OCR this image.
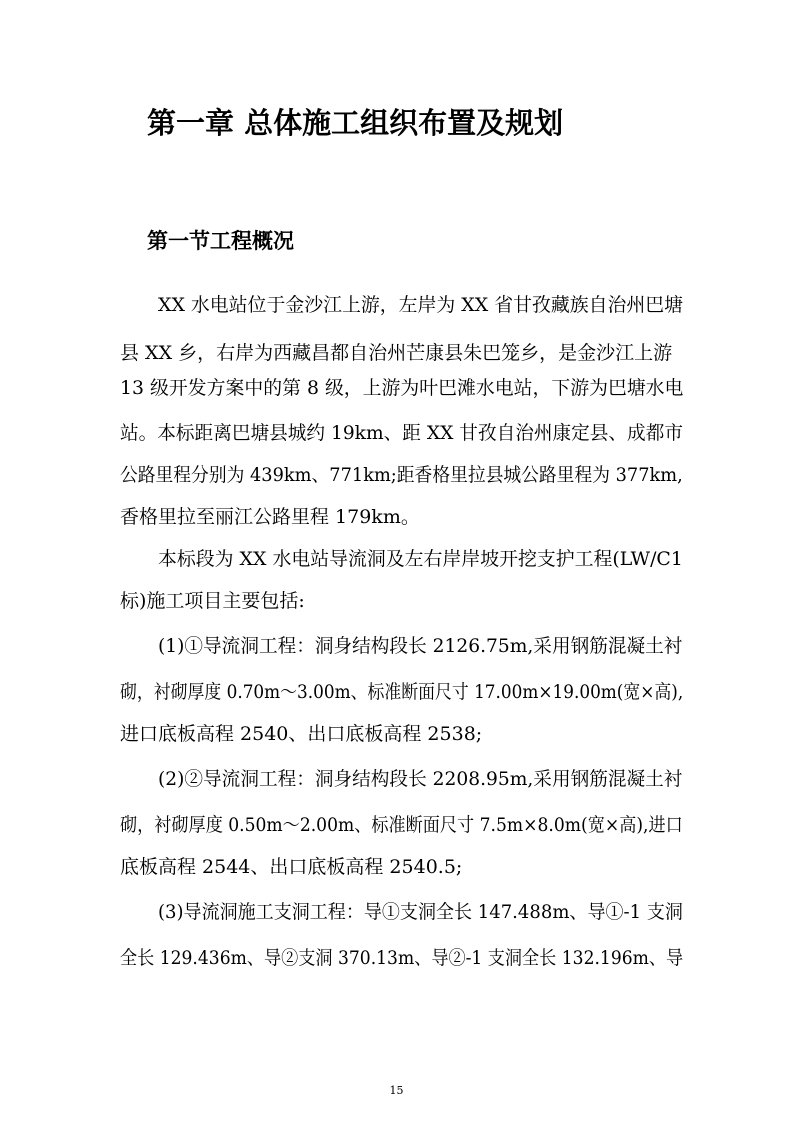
第一章 总体施工组织布置及规划
第一节工程概况
XX 水电站位于金沙江上游，左岸为 XX 省甘孜藏族自治州巴塘
县 XX 乡，右岸为西藏昌都自治州芒康县朱巴笼乡，是金沙江上游
13 级开发方案中的第 8 级，上游为叶巴滩水电站，下游为巴塘水电
站。本标距离巴塘县城约 19km、距 XX 甘孜自治州康定县、成都市
公路里程分别为 439km、771km;距香格里拉县城公路里程为 377km,
香格里拉至丽江公路里程 179km。
本标段为 XX 水电站导流洞及左右岸岸坡开挖支护工程(LW/C1
标)施工项目主要包括:
(1)①导流洞工程：洞身结构段长 2126.75m,采用钢筋混凝土衬
砌，衬砌厚度 0.70m～3.00m、标准断面尺寸 17.00m×19.00m(宽×高),
进口底板高程 2540、出口底板高程 2538;
(2)②导流洞工程：洞身结构段长 2208.95m,采用钢筋混凝土衬
砌，衬砌厚度 0.50m～2.00m、标准断面尺寸 7.5m×8.0m(宽×高),进口
底板高程 2544、出口底板高程 2540.5;
(3)导流洞施工支洞工程：导①支洞全长 147.488m、导①-1 支洞
全长 129.436m、导②支洞 370.13m、导②-1 支洞全长 132.196m、导
15
